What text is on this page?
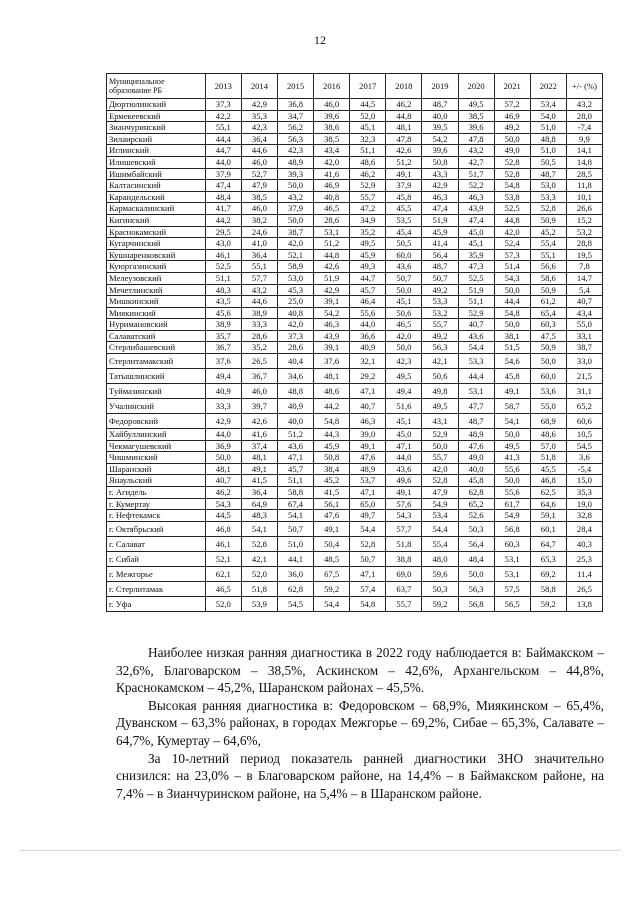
12
Муниципальное образование РБ	2013	2014	2015	2016	2017	2018	2019	2020	2021	2022	+/- (%)
Дюртюлинский	37,3	42,9	36,8	46,0	44,5	46,2	48,7	49,5	57,2	53,4	43,2
Ермекеевский	42,2	35,3	34,7	39,6	52,0	44,8	40,0	38,5	46,9	54,0	28,0
Зианчуринский	55,1	42,3	56,2	38,6	45,1	48,1	39,5	39,6	49,2	51,0	-7,4
Зилаирский	44,4	36,4	56,3	38,5	32,3	47,8	54,2	47,8	50,0	48,8	9,9
Иглинский	44,7	44,6	42,3	43,4	51,1	42,6	39,6	43,2	49,0	51,0	14,1
Илишевский	44,0	46,0	48,9	42,0	48,6	51,2	50,8	42,7	52,8	50,5	14,8
Ишимбайский	37,9	52,7	39,3	41,6	46,2	49,1	43,3	51,7	52,8	48,7	28,5
Калтасинский	47,4	47,9	50,0	46,9	52,9	37,9	42,9	52,2	54,8	53,0	11,8
Караидельский	48,4	38,5	43,2	40,8	55,7	45,8	46,3	46,3	53,8	53,3	10,1
Кармаскалинский	41,7	46,0	37,9	46,5	47,2	45,5	47,4	43,9	52,5	52,8	26,6
Кигинский	44,2	38,2	50,0	28,6	34,9	53,5	51,9	47,4	44,8	50,9	15,2
Краснокамский	29,5	24,6	38,7	53,1	35,2	45,4	45,9	45,0	42,0	45,2	53,2
Кугарчинский	43,0	41,0	42,0	51,2	49,5	50,5	41,4	45,1	52,4	55,4	28,8
Кушнаренковский	46,1	36,4	52,1	44,8	45,9	60,0	56,4	35,9	57,3	55,1	19,5
Куюргазинский	52,5	55,1	58,9	42,6	49,3	43,6	48,7	47,3	51,4	56,6	7,8
Мелеузовский	51,1	57,7	53,0	51,9	44,7	50,7	50,7	52,5	54,3	58,6	14,7
Мечетлинский	48,3	43,2	45,3	42,9	45,7	50,0	49,2	51,9	50,0	50,9	5,4
Мишкинский	43,5	44,6	25,0	39,1	46,4	45,1	53,3	51,1	44,4	61,2	40,7
Миякинский	45,6	38,9	40,8	54,2	55,6	50,6	53,2	52,9	54,8	65,4	43,4
Нуримановский	38,9	33,3	42,0	46,3	44,0	46,5	55,7	40,7	50,0	60,3	55,0
Салаватский	35,7	28,6	37,3	43,9	36,6	42,0	49,2	43,6	38,1	47,5	33,1
Стерлибашевский	36,7	35,2	28,6	39,1	40,9	50,0	56,3	54,4	51,5	50,9	38,7
Стерлитамакский	37,6	26,5	40,4	37,6	32,1	42,3	42,1	53,3	54,6	50,0	33,0
Татышлинский	49,4	36,7	34,6	48,1	29,2	49,5	50,6	44,4	45,8	60,0	21,5
Туймазинский	40,9	46,0	48,8	48,6	47,1	49,4	49,8	53,1	49,1	53,6	31,1
Учалинский	33,3	39,7	40,9	44,2	40,7	51,6	49,5	47,7	58,7	55,0	65,2
Федоровский	42,9	42,6	40,0	54,8	46,3	45,1	43,1	48,7	54,1	68,9	60,6
Хайбуллинский	44,0	41,6	51,2	44,3	39,0	45,0	52,9	48,9	50,0	48,6	10,5
Чекмагушевский	36,9	37,4	43,6	45,9	49,1	47,1	50,0	47,6	49,5	57,0	54,5
Чишминский	50,0	48,1	47,1	50,8	47,6	44,0	55,7	49,0	41,3	51,8	3,6
Шаранский	48,1	49,1	45,7	38,4	48,9	43,6	42,0	40,0	55,6	45,5	-5,4
Янаульский	40,7	41,5	51,1	45,2	53,7	49,6	52,8	45,8	50,0	46,8	15,0
г. Агидель	46,2	36,4	58,8	41,5	47,1	49,1	47,9	62,8	55,6	62,5	35,3
г. Кумертау	54,3	64,9	67,4	56,1	65,0	57,6	54,9	65,2	61,7	64,6	19,0
г. Нефтекамск	44,5	48,3	54,1	47,6	49,7	54,3	53,4	52,6	54,9	59,1	32,8
г. Октябрьский	46,8	54,1	50,7	49,1	54,4	57,7	54,4	50,3	56,8	60,1	28,4
г. Салават	46,1	52,8	51,0	50,4	52,8	51,8	55,4	56,4	60,3	64,7	40,3
г. Сибай	52,1	42,1	44,1	48,5	50,7	38,8	48,0	48,4	53,1	65,3	25,3
г. Межгорье	62,1	52,0	36,0	67,5	47,1	69,0	59,6	50,0	53,1	69,2	11,4
г. Стерлитамак	46,5	51,8	62,8	59,2	57,4	63,7	50,3	56,3	57,5	58,8	26,5
г. Уфа	52,0	53,9	54,5	54,4	54,8	55,7	59,2	56,8	56,5	59,2	13,8

Наиболее низкая ранняя диагностика в 2022 году наблюдается в: Баймакском – 32,6%, Благоварском – 38,5%, Аскинском – 42,6%, Архангельском – 44,8%, Краснокамском – 45,2%, Шаранском районах – 45,5%.

Высокая ранняя диагностика в: Федоровском – 68,9%, Миякинском – 65,4%, Дуванском – 63,3% районах, в городах Межгорье – 69,2%, Сибае – 65,3%, Салавате – 64,7%, Кумертау – 64,6%,

За 10-летний период показатель ранней диагностики ЗНО значительно снизился: на 23,0% – в Благоварском районе, на 14,4% – в Баймакском районе, на 7,4% – в Зианчуринском районе, на 5,4% – в Шаранском районе.
